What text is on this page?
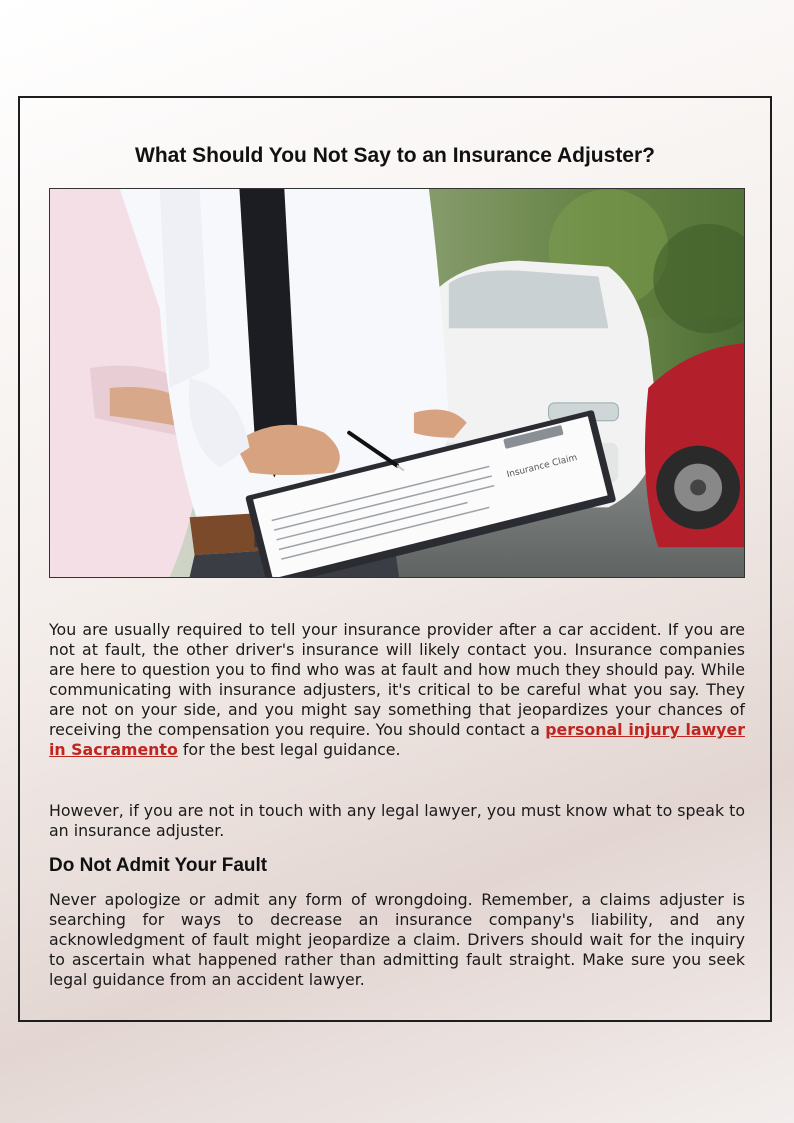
What Should You Not Say to an Insurance Adjuster?
Insurance Claim

You are usually required to tell your insurance provider after a car accident. If you are not at fault, the other driver's insurance will likely contact you. Insurance companies are here to question you to find who was at fault and how much they should pay. While communicating with insurance adjusters, it's critical to be careful what you say. They are not on your side, and you might say something that jeopardizes your chances of receiving the compensation you require. You should contact a personal injury lawyer in Sacramento for the best legal guidance.

However, if you are not in touch with any legal lawyer, you must know what to speak to an insurance adjuster.

Do Not Admit Your Fault

Never apologize or admit any form of wrongdoing. Remember, a claims adjuster is searching for ways to decrease an insurance company's liability, and any acknowledgment of fault might jeopardize a claim. Drivers should wait for the inquiry to ascertain what happened rather than admitting fault straight. Make sure you seek legal guidance from an accident lawyer.
